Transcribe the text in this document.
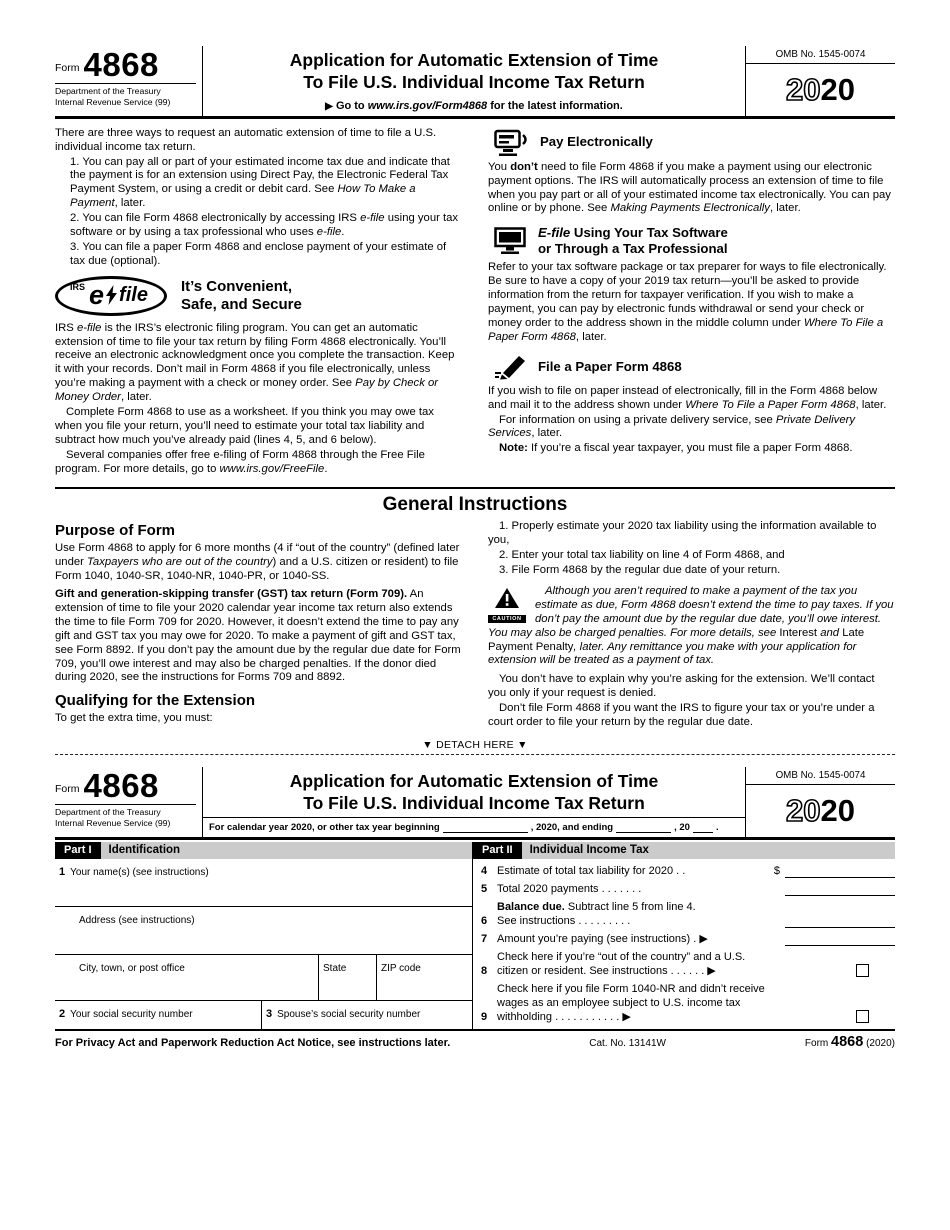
Form 4868
Department of the Treasury
Internal Revenue Service (99)
Application for Automatic Extension of Time
To File U.S. Individual Income Tax Return
▶ Go to www.irs.gov/Form4868 for the latest information.
OMB No. 1545-0074
20 20

There are three ways to request an automatic extension of time to file a U.S. individual income tax return.

1. You can pay all or part of your estimated income tax due and indicate that the payment is for an extension using Direct Pay, the Electronic Federal Tax Payment System, or using a credit or debit card. See How To Make a Payment, later.

2. You can file Form 4868 electronically by accessing IRS e-file using your tax software or by using a tax professional who uses e-file.

3. You can file a paper Form 4868 and enclose payment of your estimate of tax due (optional).

IRS e file It’s Convenient,
Safe, and Secure

IRS e-file is the IRS’s electronic filing program. You can get an automatic extension of time to file your tax return by filing Form 4868 electronically. You’ll receive an electronic acknowledgment once you complete the transaction. Keep it with your records. Don’t mail in Form 4868 if you file electronically, unless you’re making a payment with a check or money order. See Pay by Check or Money Order, later.

Complete Form 4868 to use as a worksheet. If you think you may owe tax when you file your return, you’ll need to estimate your total tax liability and subtract how much you’ve already paid (lines 4, 5, and 6 below).

Several companies offer free e-filing of Form 4868 through the Free File program. For more details, go to www.irs.gov/FreeFile.

Pay Electronically

You don’t need to file Form 4868 if you make a payment using our electronic payment options. The IRS will automatically process an extension of time to file when you pay part or all of your estimated income tax electronically. You can pay online or by phone. See Making Payments Electronically, later.

E-file Using Your Tax Software
or Through a Tax Professional

Refer to your tax software package or tax preparer for ways to file electronically. Be sure to have a copy of your 2019 tax return—you’ll be asked to provide information from the return for taxpayer verification. If you wish to make a payment, you can pay by electronic funds withdrawal or send your check or money order to the address shown in the middle column under Where To File a Paper Form 4868, later.

File a Paper Form 4868

If you wish to file on paper instead of electronically, fill in the Form 4868 below and mail it to the address shown under Where To File a Paper Form 4868, later.

For information on using a private delivery service, see Private Delivery Services, later.

Note: If you’re a fiscal year taxpayer, you must file a paper Form 4868.

General Instructions
Purpose of Form

Use Form 4868 to apply for 6 more months (4 if “out of the country” (defined later under Taxpayers who are out of the country) and a U.S. citizen or resident) to file Form 1040, 1040-SR, 1040-NR, 1040-PR, or 1040-SS.

Gift and generation-skipping transfer (GST) tax return (Form 709). An extension of time to file your 2020 calendar year income tax return also extends the time to file Form 709 for 2020. However, it doesn’t extend the time to pay any gift and GST tax you may owe for 2020. To make a payment of gift and GST tax, see Form 8892. If you don’t pay the amount due by the regular due date for Form 709, you’ll owe interest and may also be charged penalties. If the donor died during 2020, see the instructions for Forms 709 and 8892.

Qualifying for the Extension

To get the extra time, you must:

1. Properly estimate your 2020 tax liability using the information available to you,

2. Enter your total tax liability on line 4 of Form 4868, and

3. File Form 4868 by the regular due date of your return.

CAUTION

Although you aren’t required to make a payment of the tax you estimate as due, Form 4868 doesn’t extend the time to pay taxes. If you don’t pay the amount due by the regular due date, you’ll owe interest. You may also be charged penalties. For more details, see Interest and Late Payment Penalty, later. Any remittance you make with your application for extension will be treated as a payment of tax.

You don’t have to explain why you’re asking for the extension. We’ll contact you only if your request is denied.

Don’t file Form 4868 if you want the IRS to figure your tax or you’re under a court order to file your return by the regular due date.

▼ DETACH HERE ▼
Form 4868
Department of the Treasury
Internal Revenue Service (99)
Application for Automatic Extension of Time
To File U.S. Individual Income Tax Return
For calendar year 2020, or other tax year beginning	, 2020, and ending	, 20	.
OMB No. 1545-0074
20 20
Part I	Identification
1 Your name(s) (see instructions)
Address (see instructions)
City, town, or post office	State	ZIP code
2 Your social security number	3 Spouse’s social security number
Part II	Individual Income Tax
4 Estimate of total tax liability for 2020 . .	$
5 Total 2020 payments . . . . . . .
6
Balance due. Subtract line 5 from line 4.
See instructions . . . . . . . . .
7 Amount you’re paying (see instructions) . ▶
8
Check here if you’re “out of the country” and a U.S.
citizen or resident. See instructions . . . . . . ▶
9
Check here if you file Form 1040-NR and didn’t receive
wages as an employee subject to U.S. income tax
withholding . . . . . . . . . . . ▶
For Privacy Act and Paperwork Reduction Act Notice, see instructions later.	Cat. No. 13141W	Form 4868 (2020)
